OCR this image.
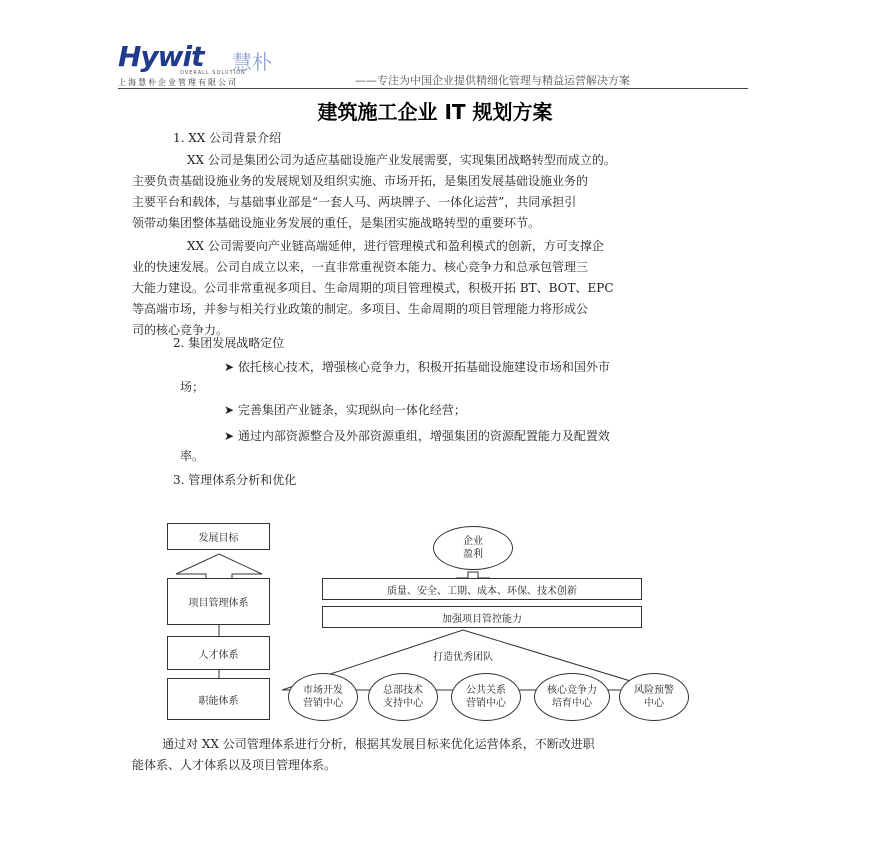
Hywit 慧朴
OVERALL SOLUTION
上海慧朴企业管理有限公司	——专注为中国企业提供精细化管理与精益运营解决方案
建筑施工企业 IT 规划方案
1. XX 公司背景介绍
XX 公司是集团公司为适应基础设施产业发展需要，实现集团战略转型而成立的。
主要负责基础设施业务的发展规划及组织实施、市场开拓，是集团发展基础设施业务的
主要平台和载体，与基础事业部是“一套人马、两块牌子、一体化运营”，共同承担引
领带动集团整体基础设施业务发展的重任，是集团实施战略转型的重要环节。
XX 公司需要向产业链高端延伸，进行管理模式和盈利模式的创新，方可支撑企
业的快速发展。公司自成立以来，一直非常重视资本能力、核心竞争力和总承包管理三
大能力建设。公司非常重视多项目、生命周期的项目管理模式，积极开拓 BT、BOT、EPC
等高端市场，并参与相关行业政策的制定。多项目、生命周期的项目管理能力将形成公
司的核心竞争力。
2. 集团发展战略定位
➤ 依托核心技术，增强核心竞争力，积极开拓基础设施建设市场和国外市
场；
➤ 完善集团产业链条，实现纵向一体化经营；
➤ 通过内部资源整合及外部资源重组，增强集团的资源配置能力及配置效
率。
3. 管理体系分析和优化
发展目标
项目管理体系
人才体系
职能体系
企业
盈利
质量、安全、工期、成本、环保、技术创新
加强项目管控能力
打造优秀团队
市场开发
营销中心
总部技术
支持中心
公共关系
营销中心
核心竞争力
培育中心
风险预警
中心
通过对 XX 公司管理体系进行分析，根据其发展目标来优化运营体系，不断改进职
能体系、人才体系以及项目管理体系。
